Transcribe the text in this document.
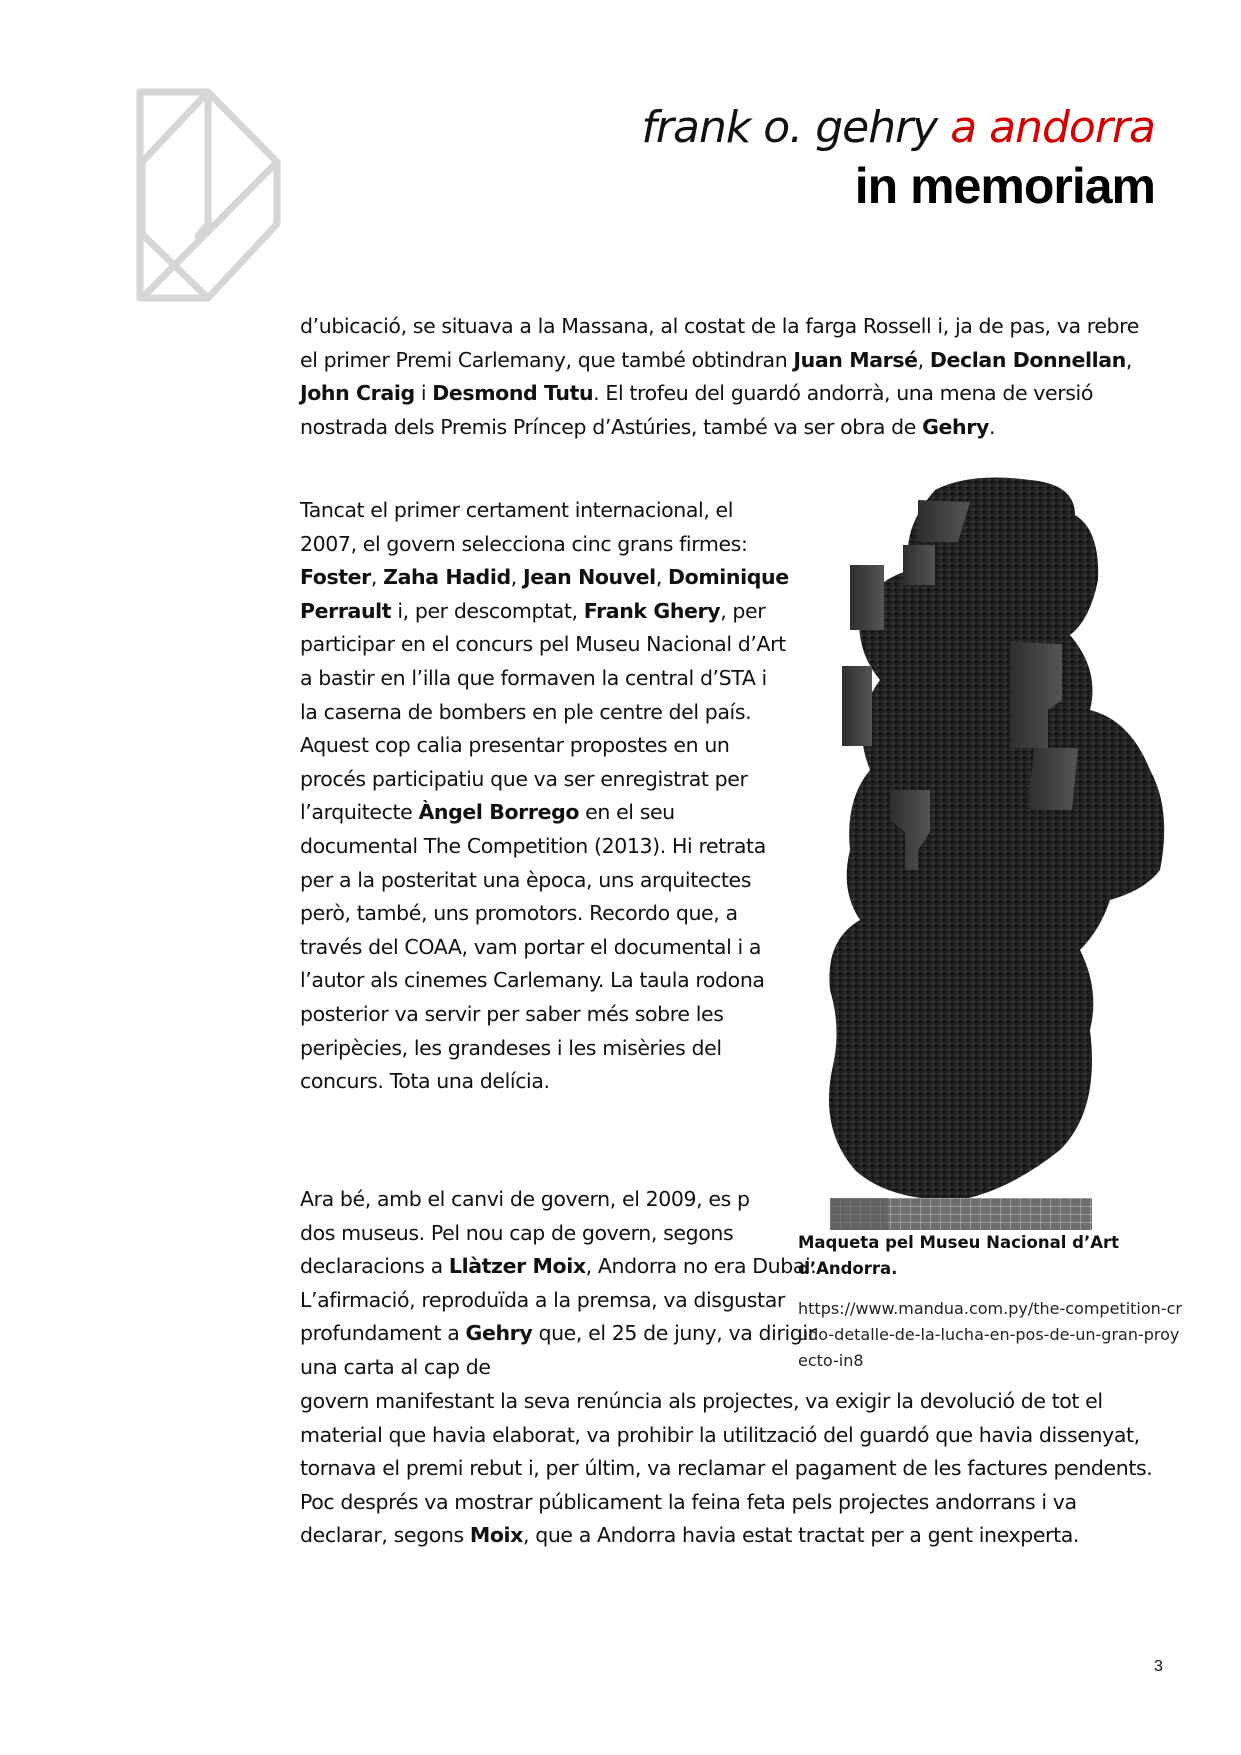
frank o. gehry a andorra
in memoriam

d’ubicació, se situava a la Massana, al costat de la farga Rossell i, ja de pas, va rebre el primer Premi Carlemany, que també obtindran Juan Marsé, Declan Donnellan, John Craig i Desmond Tutu. El trofeu del guardó andorrà, una mena de versió nostrada dels Premis Príncep d’Astúries, també va ser obra de Gehry.

Tancat el primer certament internacional, el 2007, el govern selecciona cinc grans firmes: Foster, Zaha Hadid, Jean Nouvel, Dominique Perrault i, per descomptat, Frank Ghery, per participar en el concurs pel Museu Nacional d’Art a bastir en l’illa que formaven la central d’STA i la caserna de bombers en ple centre del país. Aquest cop calia presentar propostes en un procés participatiu que va ser enregistrat per l’arquitecte Àngel Borrego en el seu documental The Competition (2013). Hi retrata per a la posteritat una època, uns arquitectes però, també, uns promotors. Recordo que, a través del COAA, vam portar el documental i a l’autor als cinemes Carlemany. La taula rodona posterior va servir per saber més sobre les peripècies, les grandeses i les misèries del concurs. Tota una delícia.

Ara bé, amb el canvi de govern, el 2009, es p
dos museus. Pel nou cap de govern, segons declaracions a Llàtzer Moix, Andorra no era Dubai. L’afirmació, reproduïda a la premsa, va disgustar profundament a Gehry que, el 25 de juny, va dirigir una carta al cap de

govern manifestant la seva renúncia als projectes, va exigir la devolució de tot el material que havia elaborat, va prohibir la utilització del guardó que havia dissenyat, tornava el premi rebut i, per últim, va reclamar el pagament de les factures pendents. Poc després va mostrar públicament la feina feta pels projectes andorrans i va declarar, segons Moix, que a Andorra havia estat tractat per a gent inexperta.

Maqueta pel Museu Nacional d’Art d’Andorra.

https://www.mandua.com.py/the-competition-crudo-detalle-de-la-lucha-en-pos-de-un-gran-proyecto-in8

3
